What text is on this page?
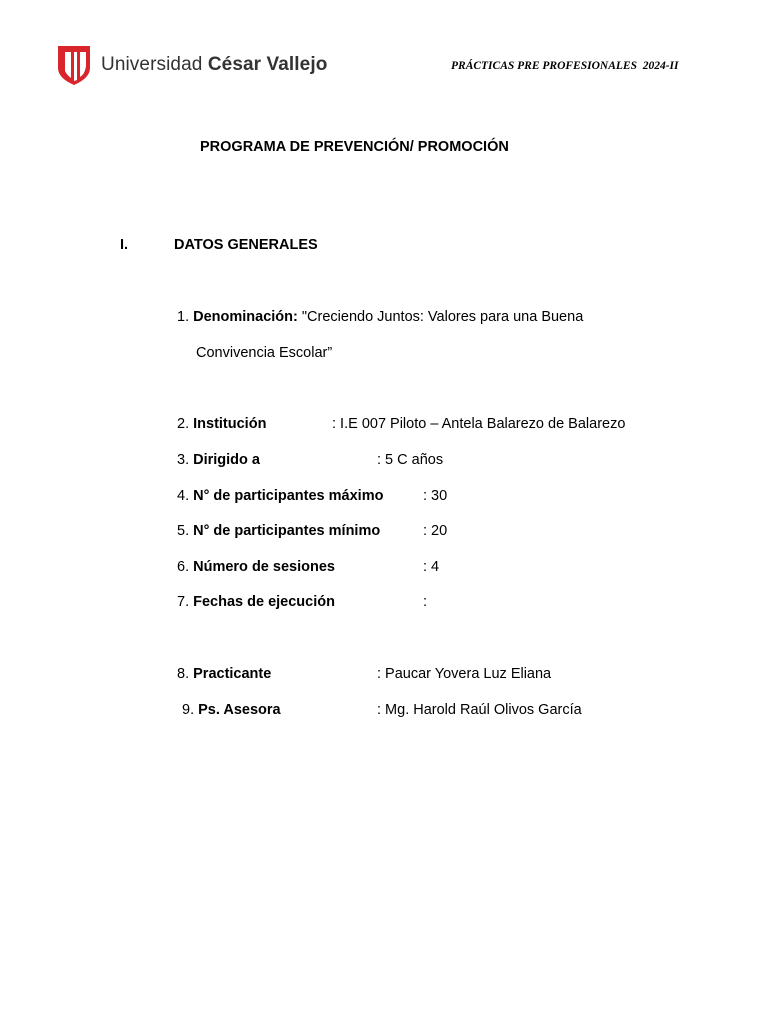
Universidad César Vallejo	PRÁCTICAS PRE PROFESIONALES  2024-II
PROGRAMA DE PREVENCIÓN/ PROMOCIÓN
I.	DATOS GENERALES
1. Denominación: "Creciendo Juntos: Valores para una Buena
Convivencia Escolar”
2. Institución	: I.E 007 Piloto – Antela Balarezo de Balarezo
3. Dirigido a	: 5 C años
4. N° de participantes máximo	: 30
5. N° de participantes mínimo	: 20
6. Número de sesiones	: 4
7. Fechas de ejecución	:
8. Practicante	: Paucar Yovera Luz Eliana
9. Ps. Asesora	: Mg. Harold Raúl Olivos García
